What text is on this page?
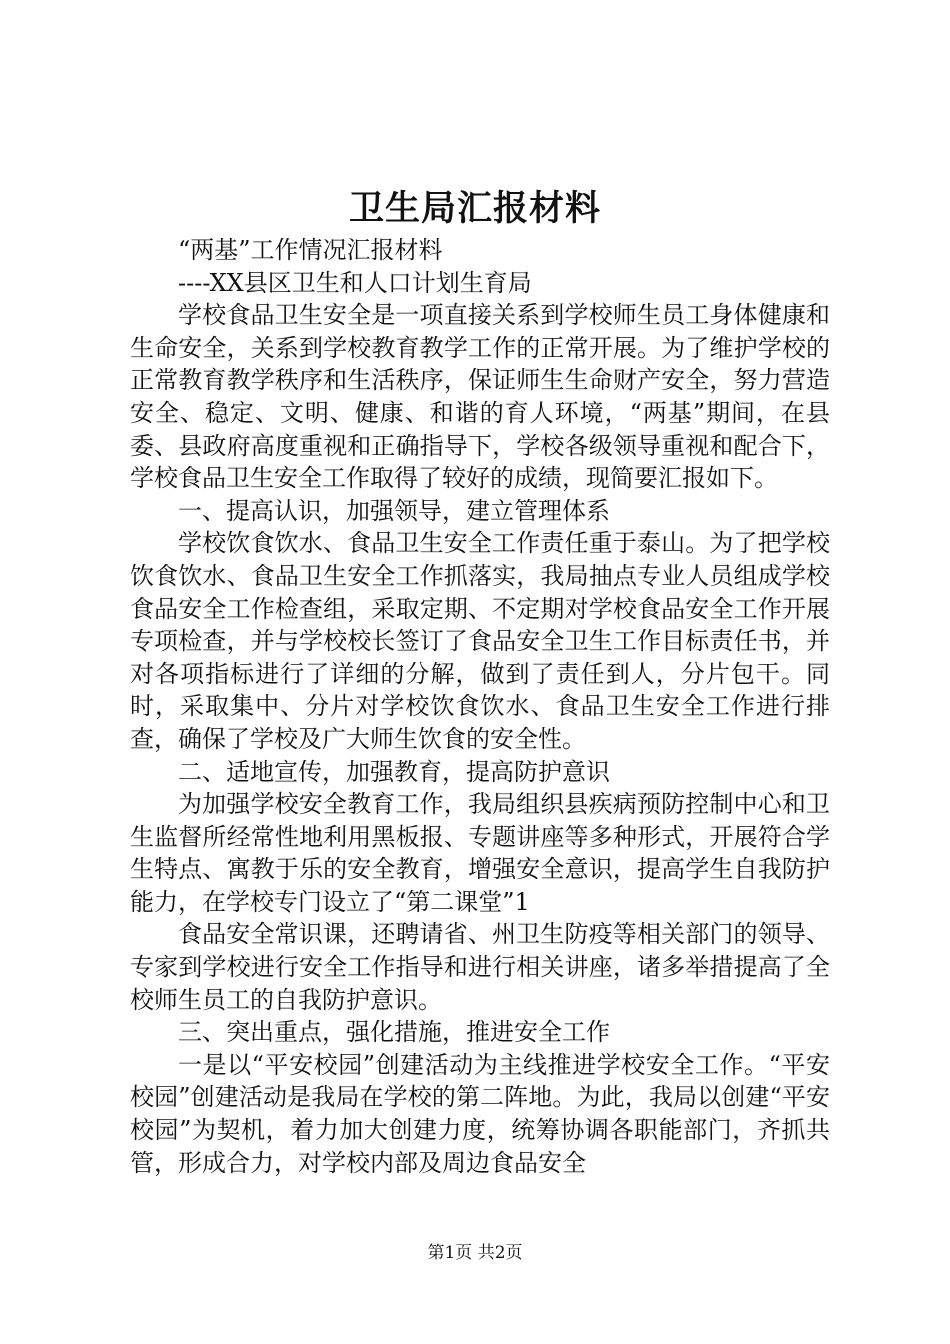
卫生局汇报材料

“两基”工作情况汇报材料

----XX县区卫生和人口计划生育局

学校食品卫生安全是一项直接关系到学校师生员工身体健康和生命安全，关系到学校教育教学工作的正常开展。为了维护学校的正常教育教学秩序和生活秩序，保证师生生命财产安全，努力营造安全、稳定、文明、健康、和谐的育人环境，“两基”期间，在县委、县政府高度重视和正确指导下，学校各级领导重视和配合下，学校食品卫生安全工作取得了较好的成绩，现简要汇报如下。

一、提高认识，加强领导，建立管理体系

学校饮食饮水、食品卫生安全工作责任重于泰山。为了把学校饮食饮水、食品卫生安全工作抓落实，我局抽点专业人员组成学校食品安全工作检查组，采取定期、不定期对学校食品安全工作开展专项检查，并与学校校长签订了食品安全卫生工作目标责任书，并对各项指标进行了详细的分解，做到了责任到人，分片包干。同时，采取集中、分片对学校饮食饮水、食品卫生安全工作进行排查，确保了学校及广大师生饮食的安全性。

二、适地宣传，加强教育，提高防护意识

为加强学校安全教育工作，我局组织县疾病预防控制中心和卫生监督所经常性地利用黑板报、专题讲座等多种形式，开展符合学生特点、寓教于乐的安全教育，增强安全意识，提高学生自我防护能力，在学校专门设立了“第二课堂”1

食品安全常识课，还聘请省、州卫生防疫等相关部门的领导、专家到学校进行安全工作指导和进行相关讲座，诸多举措提高了全校师生员工的自我防护意识。

三、突出重点，强化措施，推进安全工作

一是以“平安校园”创建活动为主线推进学校安全工作。“平安校园”创建活动是我局在学校的第二阵地。为此，我局以创建“平安校园”为契机，着力加大创建力度，统筹协调各职能部门，齐抓共管，形成合力，对学校内部及周边食品安全

第1页 共2页
